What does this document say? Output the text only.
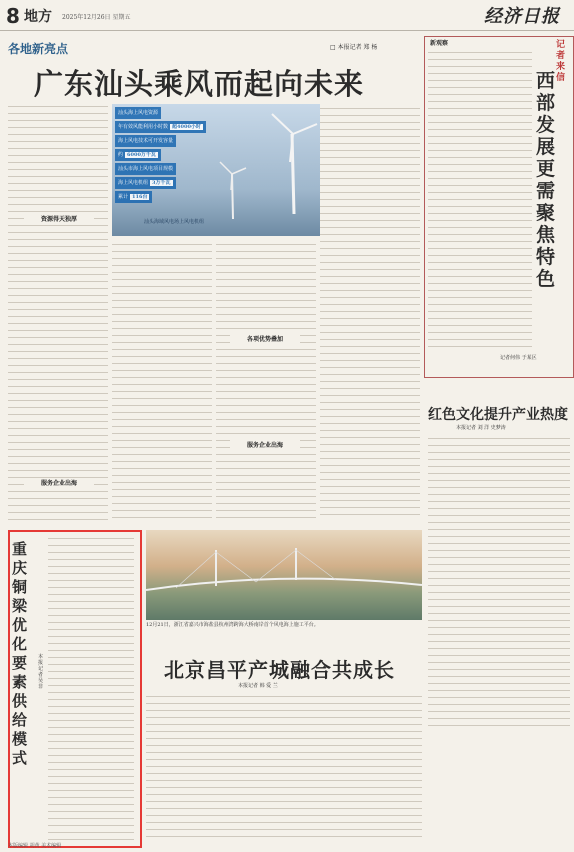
8 地方 2025年12月26日 星期五	经济日报
各地新亮点	□ 本报记者 郑 杨
广东汕头乘风而起向未来
资源得天独厚
服务企业出海
汕头海上风电资源
年有效风能利用小时数 超4000小时
海上风电技术可开发容量
约 6000万千瓦
汕头市海上风电项目规模
海上风电机组 3万千瓦
累计 116台
汕头海域风电场上风电机组
各项优势叠加
服务企业出海
新观察	记者来信
西部发展更需聚焦特色
记者何伟 于某区
红色文化提升产业热度
本报记者 刘 洋 史梦涛
重庆铜梁优化要素供给模式
本报记者 吴 非
12月21日，浙江省嘉兴市海盐县杭州湾跨海大桥南岸首个风电海上施工平台。
北京昌平产城融合共成长
本报记者 韩 爱 兰
本版编辑 胡黄 美术编辑
